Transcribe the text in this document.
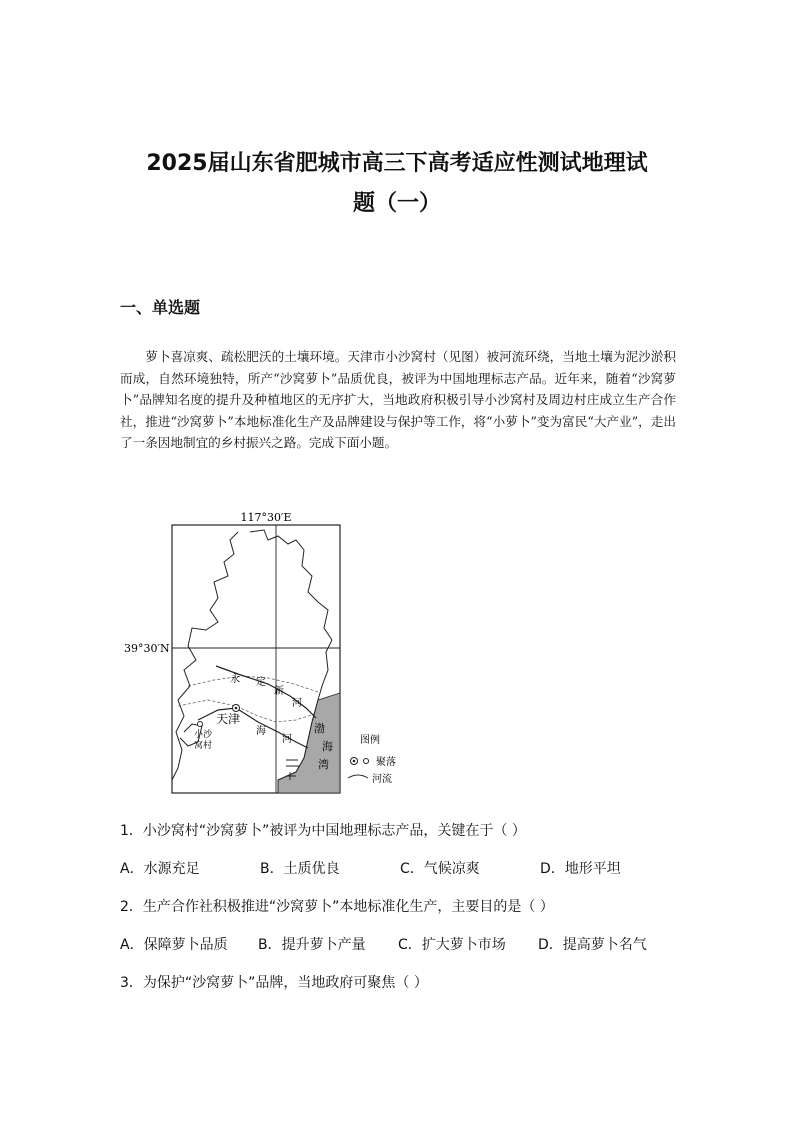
2025届山东省肥城市高三下高考适应性测试地理试
题（一）
一、单选题

萝卜喜凉爽、疏松肥沃的土壤环境。天津市小沙窝村（见图）被河流环绕，当地土壤为泥沙淤积而成，自然环境独特，所产“沙窝萝卜”品质优良，被评为中国地理标志产品。近年来，随着“沙窝萝卜”品牌知名度的提升及种植地区的无序扩大，当地政府积极引导小沙窝村及周边村庄成立生产合作社，推进“沙窝萝卜”本地标准化生产及品牌建设与保护等工作，将“小萝卜”变为富民“大产业”，走出了一条因地制宜的乡村振兴之路。完成下面小题。

117°30′E
39°30′N
永 定
新
河
海
河
天津
小沙
窝村
渤
海
湾
图例
聚落
河流
1．小沙窝村“沙窝萝卜”被评为中国地理标志产品，关键在于（ ）
A．水源充足	B．土质优良	C．气候凉爽	D．地形平坦
2．生产合作社积极推进“沙窝萝卜”本地标准化生产，主要目的是（ ）
A．保障萝卜品质 B．提升萝卜产量 C．扩大萝卜市场 D．提高萝卜名气
3．为保护“沙窝萝卜”品牌，当地政府可聚焦（ ）
